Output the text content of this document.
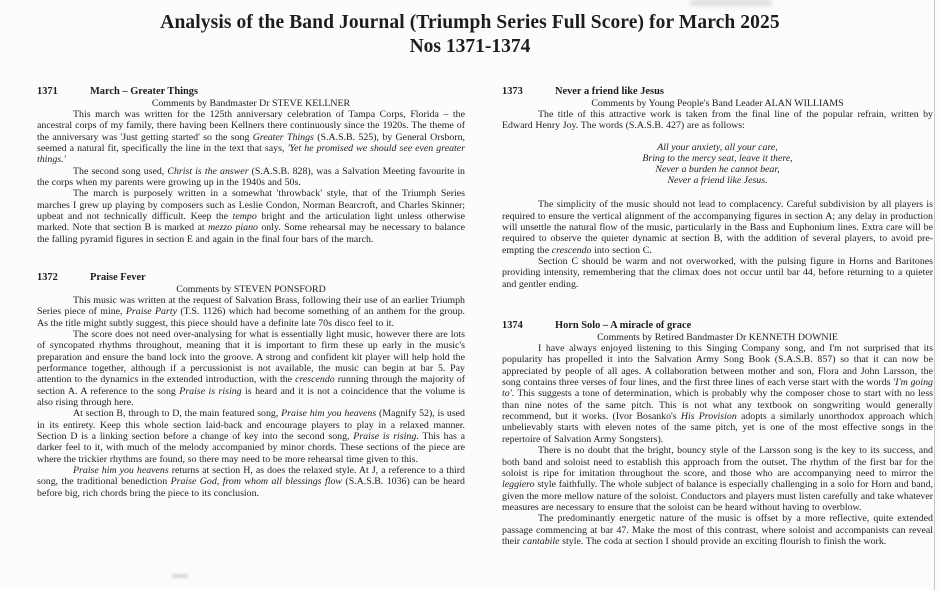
Analysis of the Band Journal (Triumph Series Full Score) for March 2025
Nos 1371-1374
1371	March – Greater Things
Comments by Bandmaster Dr STEVE KELLNER

This march was written for the 125th anniversary celebration of Tampa Corps, Florida – the ancestral corps of my family, there having been Kellners there continuously since the 1920s. The theme of the anniversary was 'Just getting started' so the song Greater Things (S.A.S.B. 525), by General Orsborn, seemed a natural fit, specifically the line in the text that says, 'Yet he promised we should see even greater things.'

The second song used, Christ is the answer (S.A.S.B. 828), was a Salvation Meeting favourite in the corps when my parents were growing up in the 1940s and 50s.

The march is purposely written in a somewhat 'throwback' style, that of the Triumph Series marches I grew up playing by composers such as Leslie Condon, Norman Bearcroft, and Charles Skinner; upbeat and not technically difficult. Keep the tempo bright and the articulation light unless otherwise marked. Note that section B is marked at mezzo piano only. Some rehearsal may be necessary to balance the falling pyramid figures in section E and again in the final four bars of the march.

1372	Praise Fever
Comments by STEVEN PONSFORD

This music was written at the request of Salvation Brass, following their use of an earlier Triumph Series piece of mine, Praise Party (T.S. 1126) which had become something of an anthem for the group. As the title might subtly suggest, this piece should have a definite late 70s disco feel to it.

The score does not need over-analysing for what is essentially light music, however there are lots of syncopated rhythms throughout, meaning that it is important to firm these up early in the music's preparation and ensure the band lock into the groove. A strong and confident kit player will help hold the performance together, although if a percussionist is not available, the music can begin at bar 5. Pay attention to the dynamics in the extended introduction, with the crescendo running through the majority of section A. A reference to the song Praise is rising is heard and it is not a coincidence that the volume is also rising through here.

At section B, through to D, the main featured song, Praise him you heavens (Magnify 52), is used in its entirety. Keep this whole section laid-back and encourage players to play in a relaxed manner. Section D is a linking section before a change of key into the second song, Praise is rising. This has a darker feel to it, with much of the melody accompanied by minor chords. These sections of the piece are where the trickier rhythms are found, so there may need to be more rehearsal time given to this.

Praise him you heavens returns at section H, as does the relaxed style. At J, a reference to a third song, the traditional benediction Praise God, from whom all blessings flow (S.A.S.B. 1036) can be heard before big, rich chords bring the piece to its conclusion.

1373	Never a friend like Jesus
Comments by Young People's Band Leader ALAN WILLIAMS

The title of this attractive work is taken from the final line of the popular refrain, written by Edward Henry Joy. The words (S.A.S.B. 427) are as follows:

All your anxiety, all your care,
Bring to the mercy seat, leave it there,
Never a burden he cannot bear,
Never a friend like Jesus.

The simplicity of the music should not lead to complacency. Careful subdivision by all players is required to ensure the vertical alignment of the accompanying figures in section A; any delay in production will unsettle the natural flow of the music, particularly in the Bass and Euphonium lines. Extra care will be required to observe the quieter dynamic at section B, with the addition of several players, to avoid pre-empting the crescendo into section C.

Section C should be warm and not overworked, with the pulsing figure in Horns and Baritones providing intensity, remembering that the climax does not occur until bar 44, before returning to a quieter and gentler ending.

1374	Horn Solo – A miracle of grace
Comments by Retired Bandmaster Dr KENNETH DOWNIE

I have always enjoyed listening to this Singing Company song, and I'm not surprised that its popularity has propelled it into the Salvation Army Song Book (S.A.S.B. 857) so that it can now be appreciated by people of all ages. A collaboration between mother and son, Flora and John Larsson, the song contains three verses of four lines, and the first three lines of each verse start with the words 'I'm going to'. This suggests a tone of determination, which is probably why the composer chose to start with no less than nine notes of the same pitch. This is not what any textbook on songwriting would generally recommend, but it works. (Ivor Bosanko's His Provision adopts a similarly unorthodox approach which unbelievably starts with eleven notes of the same pitch, yet is one of the most effective songs in the repertoire of Salvation Army Songsters).

There is no doubt that the bright, bouncy style of the Larsson song is the key to its success, and both band and soloist need to establish this approach from the outset. The rhythm of the first bar for the soloist is ripe for imitation throughout the score, and those who are accompanying need to mirror the leggiero style faithfully. The whole subject of balance is especially challenging in a solo for Horn and band, given the more mellow nature of the soloist. Conductors and players must listen carefully and take whatever measures are necessary to ensure that the soloist can be heard without having to overblow.

The predominantly energetic nature of the music is offset by a more reflective, quite extended passage commencing at bar 47. Make the most of this contrast, where soloist and accompanists can reveal their cantabile style. The coda at section I should provide an exciting flourish to finish the work.
